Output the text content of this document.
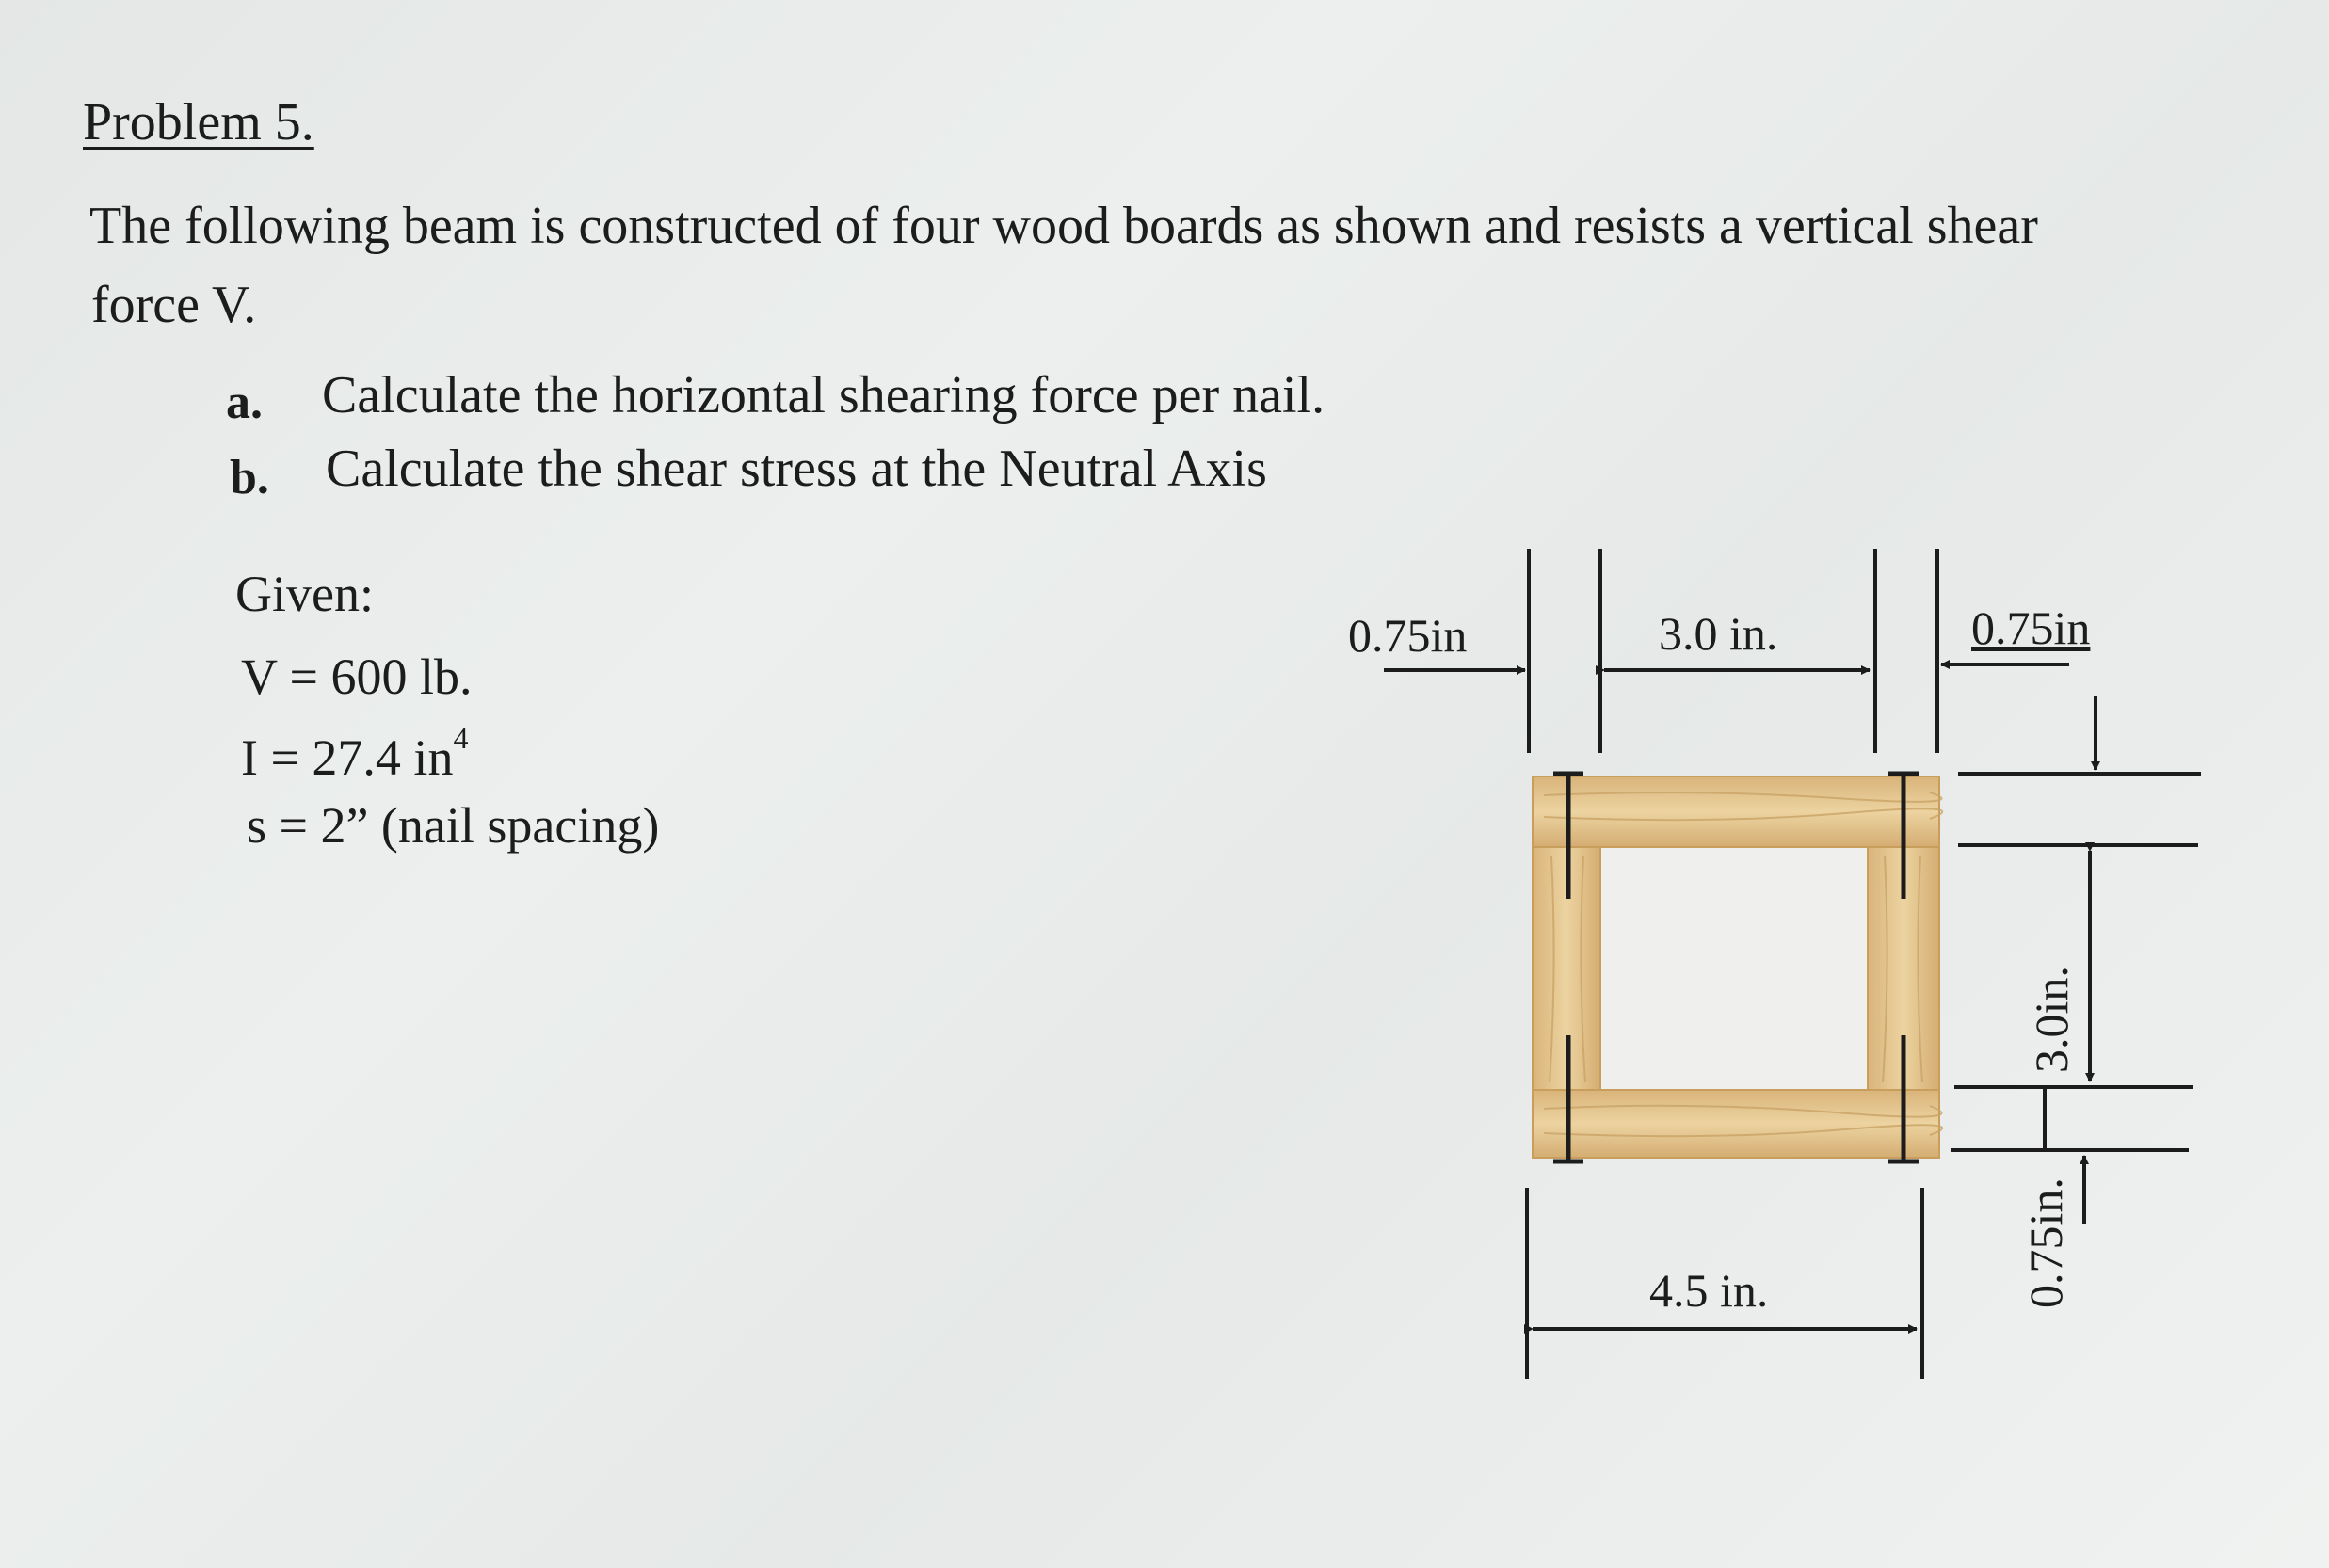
Problem 5.
The following beam is constructed of four wood boards as shown and resists a vertical shear
force V.
a. Calculate the horizontal shearing force per nail.
b. Calculate the shear stress at the Neutral Axis
Given:
V = 600 lb.
I = 27.4 $in^4$
s = 2” (nail spacing)
0.75in	3.0 in.	0.75in
4.5 in.
3.0in.
0.75in.
